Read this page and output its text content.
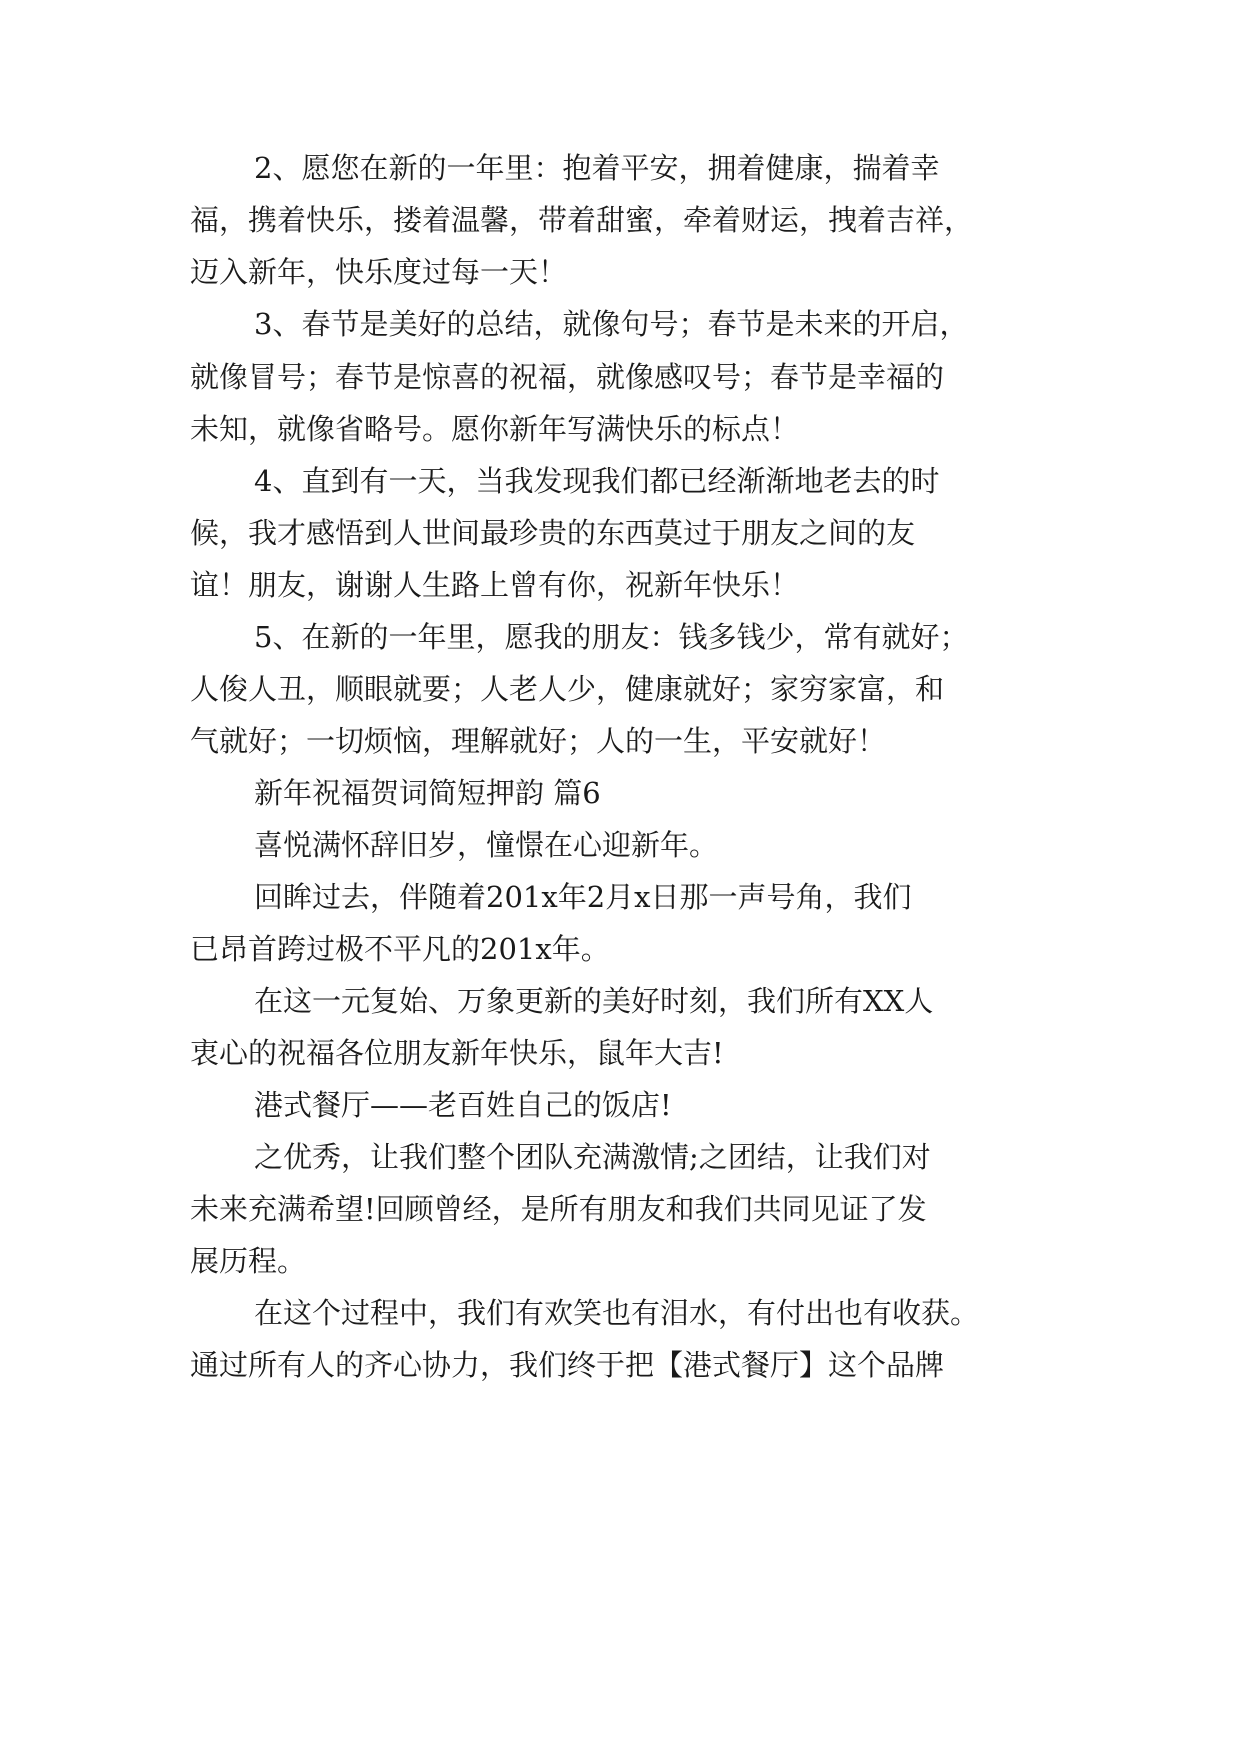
2、愿您在新的一年里：抱着平安，拥着健康，揣着幸
福，携着快乐，搂着温馨，带着甜蜜，牵着财运，拽着吉祥，
迈入新年，快乐度过每一天！
3、春节是美好的总结，就像句号；春节是未来的开启，
就像冒号；春节是惊喜的祝福，就像感叹号；春节是幸福的
未知，就像省略号。愿你新年写满快乐的标点！
4、直到有一天，当我发现我们都已经渐渐地老去的时
候，我才感悟到人世间最珍贵的东西莫过于朋友之间的友
谊！朋友，谢谢人生路上曾有你，祝新年快乐！
5、在新的一年里，愿我的朋友：钱多钱少，常有就好；
人俊人丑，顺眼就要；人老人少，健康就好；家穷家富，和
气就好；一切烦恼，理解就好；人的一生，平安就好！
新年祝福贺词简短押韵 篇6
喜悦满怀辞旧岁，憧憬在心迎新年。
回眸过去，伴随着201x年2月x日那一声号角，我们
已昂首跨过极不平凡的201x年。
在这一元复始、万象更新的美好时刻，我们所有XX人
衷心的祝福各位朋友新年快乐，鼠年大吉!
港式餐厅——老百姓自己的饭店!
之优秀，让我们整个团队充满激情;之团结，让我们对
未来充满希望!回顾曾经，是所有朋友和我们共同见证了发
展历程。
在这个过程中，我们有欢笑也有泪水，有付出也有收获。
通过所有人的齐心协力，我们终于把【港式餐厅】这个品牌
